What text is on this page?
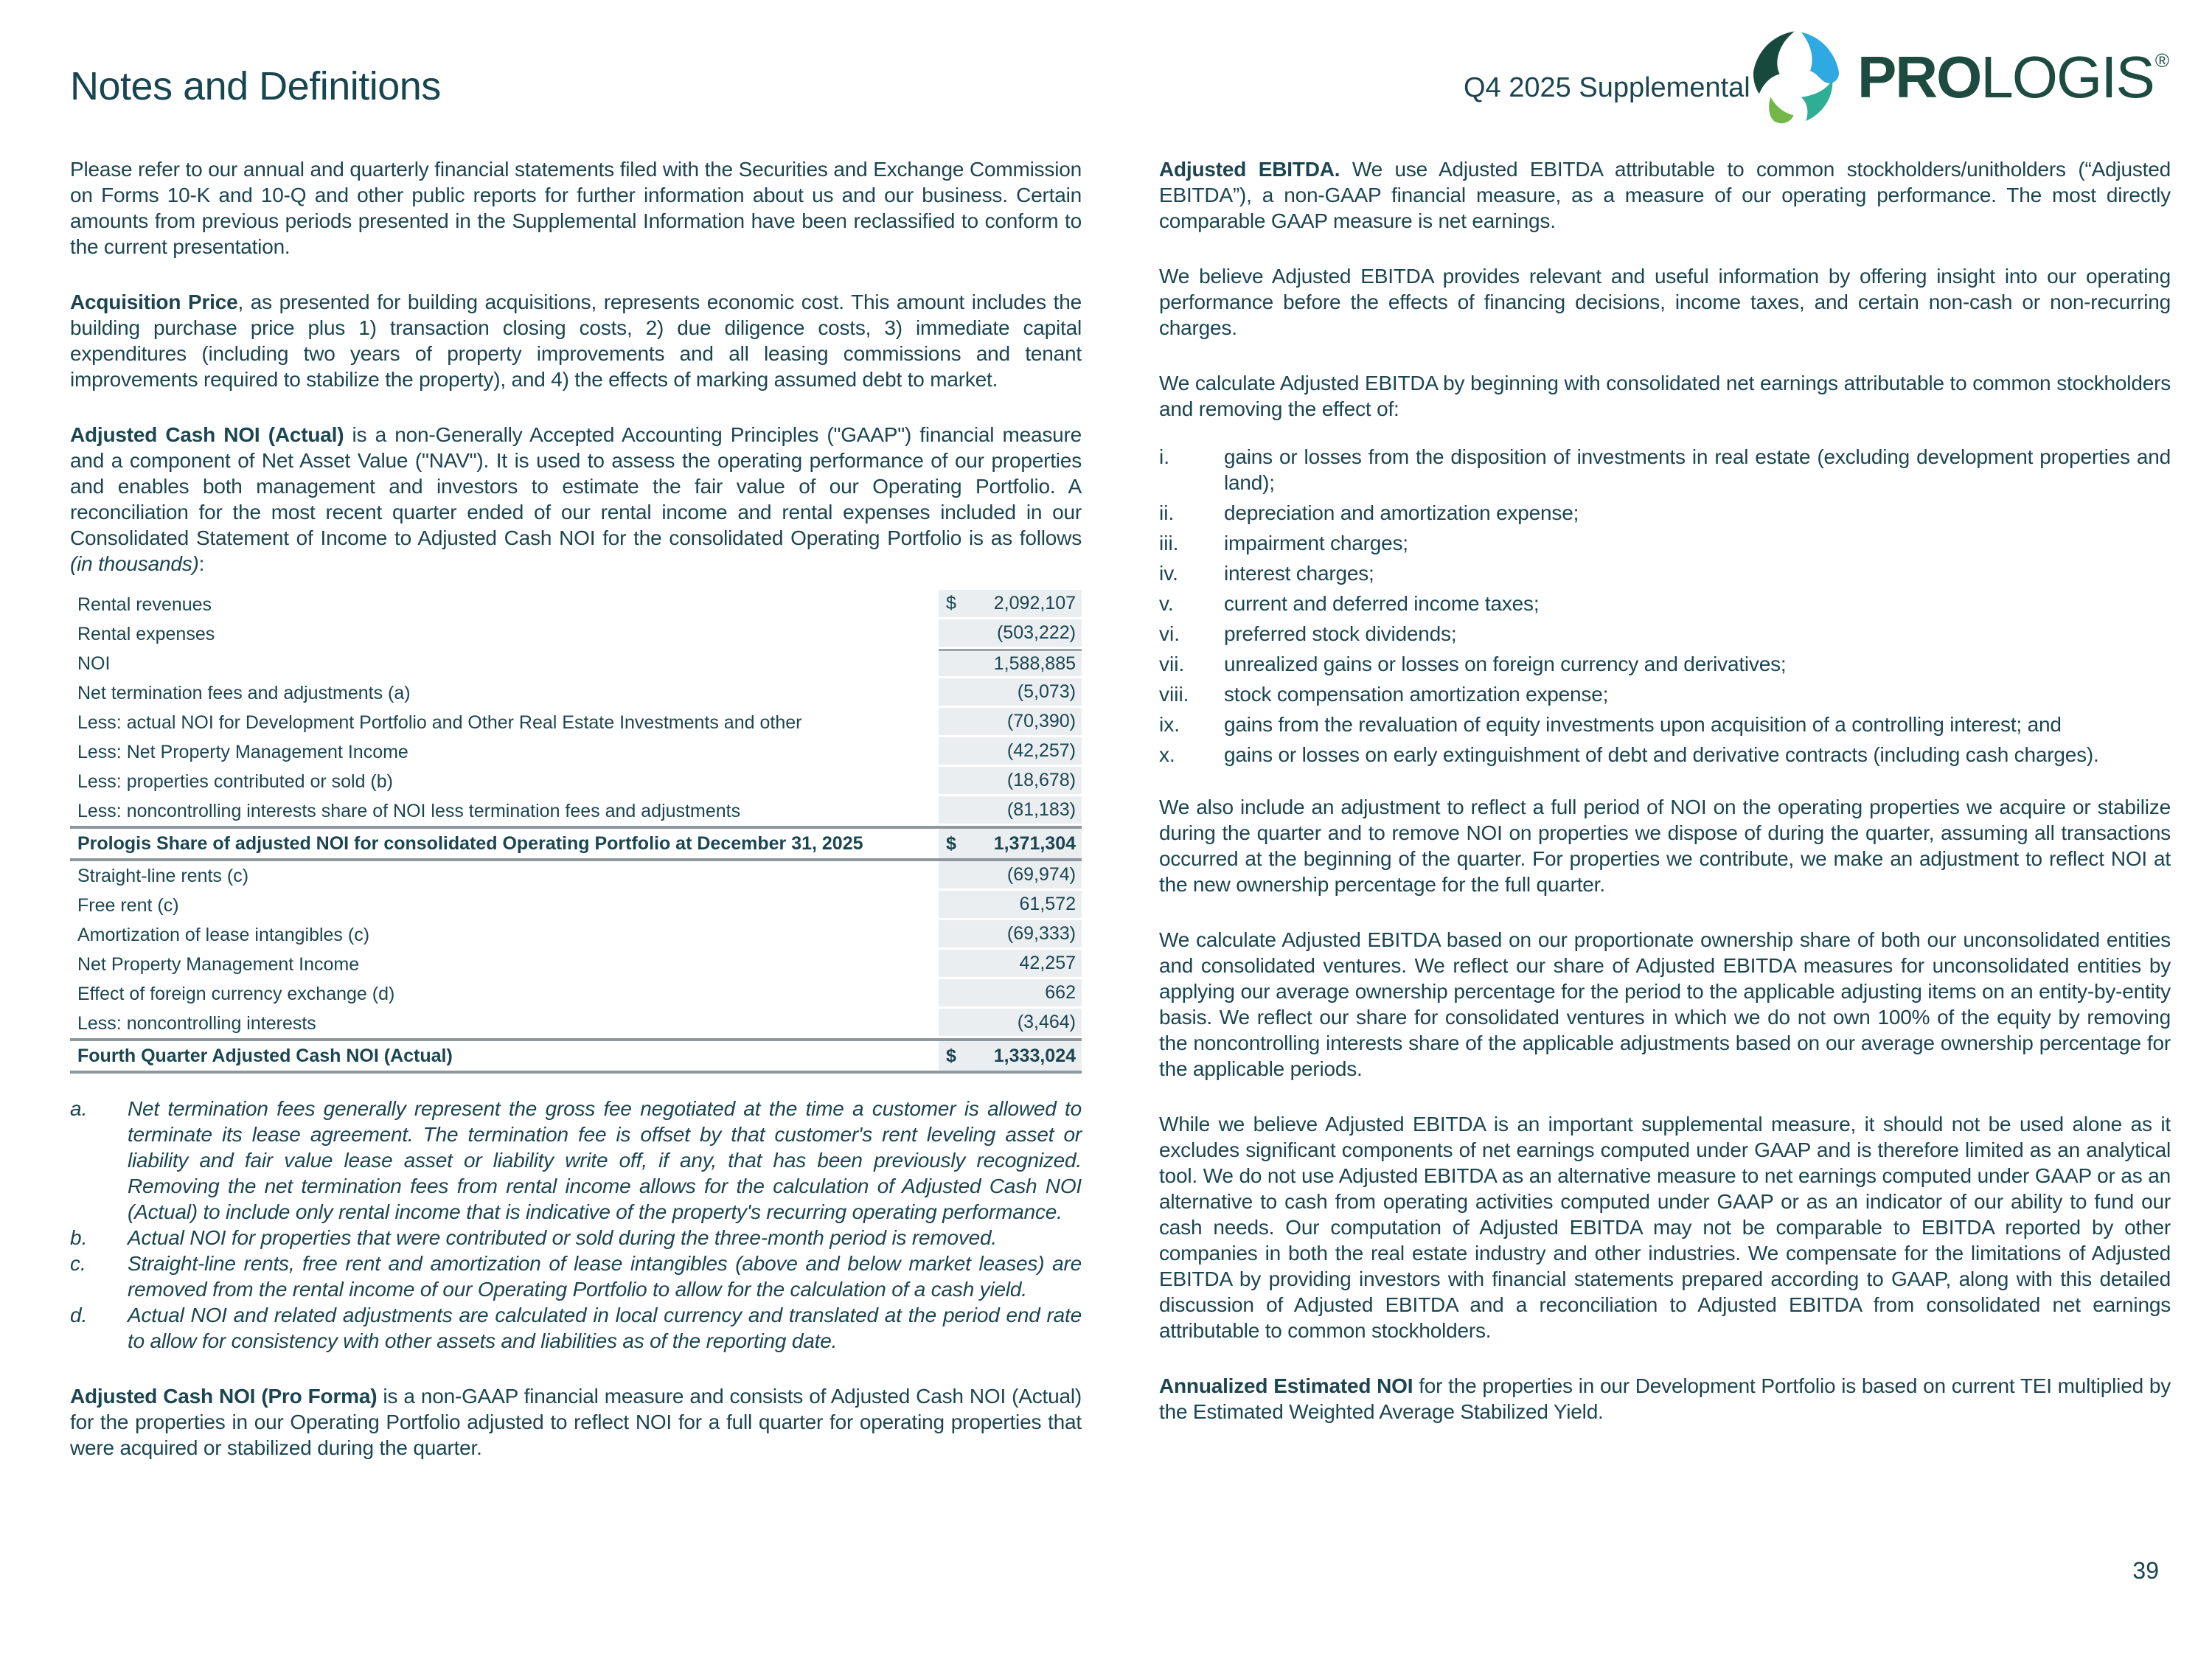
Notes and Definitions	Q4 2025 Supplemental PRO LOGIS ®

Please refer to our annual and quarterly financial statements filed with the Securities and Exchange Commission on Forms 10-K and 10-Q and other public reports for further information about us and our business. Certain amounts from previous periods presented in the Supplemental Information have been reclassified to conform to the current presentation.

Acquisition Price, as presented for building acquisitions, represents economic cost. This amount includes the building purchase price plus 1) transaction closing costs, 2) due diligence costs, 3) immediate capital expenditures (including two years of property improvements and all leasing commissions and tenant improvements required to stabilize the property), and 4) the effects of marking assumed debt to market.

Adjusted Cash NOI (Actual) is a non-Generally Accepted Accounting Principles ("GAAP") financial measure and a component of Net Asset Value ("NAV"). It is used to assess the operating performance of our properties and enables both management and investors to estimate the fair value of our Operating Portfolio. A reconciliation for the most recent quarter ended of our rental income and rental expenses included in our Consolidated Statement of Income to Adjusted Cash NOI for the consolidated Operating Portfolio is as follows (in thousands):

Rental revenues	$ 2,092,107
Rental expenses	(503,222)
NOI	1,588,885
Net termination fees and adjustments (a)	(5,073)
Less: actual NOI for Development Portfolio and Other Real Estate Investments and other	(70,390)
Less: Net Property Management Income	(42,257)
Less: properties contributed or sold (b)	(18,678)
Less: noncontrolling interests share of NOI less termination fees and adjustments	(81,183)
Prologis Share of adjusted NOI for consolidated Operating Portfolio at December 31, 2025	$ 1,371,304
Straight-line rents (c)	(69,974)
Free rent (c)	61,572
Amortization of lease intangibles (c)	(69,333)
Net Property Management Income	42,257
Effect of foreign currency exchange (d)	662
Less: noncontrolling interests	(3,464)
Fourth Quarter Adjusted Cash NOI (Actual)	$ 1,333,024
a.	Net termination fees generally represent the gross fee negotiated at the time a customer is allowed to terminate its lease agreement. The termination fee is offset by that customer's rent leveling asset or liability and fair value lease asset or liability write off, if any, that has been previously recognized. Removing the net termination fees from rental income allows for the calculation of Adjusted Cash NOI (Actual) to include only rental income that is indicative of the property's recurring operating performance.
b.	Actual NOI for properties that were contributed or sold during the three-month period is removed.
c.	Straight-line rents, free rent and amortization of lease intangibles (above and below market leases) are removed from the rental income of our Operating Portfolio to allow for the calculation of a cash yield.
d.	Actual NOI and related adjustments are calculated in local currency and translated at the period end rate to allow for consistency with other assets and liabilities as of the reporting date.

Adjusted Cash NOI (Pro Forma) is a non-GAAP financial measure and consists of Adjusted Cash NOI (Actual) for the properties in our Operating Portfolio adjusted to reflect NOI for a full quarter for operating properties that were acquired or stabilized during the quarter.

Adjusted EBITDA. We use Adjusted EBITDA attributable to common stockholders/unitholders (“Adjusted EBITDA”), a non-GAAP financial measure, as a measure of our operating performance. The most directly comparable GAAP measure is net earnings.

We believe Adjusted EBITDA provides relevant and useful information by offering insight into our operating performance before the effects of financing decisions, income taxes, and certain non-cash or non-recurring charges.

We calculate Adjusted EBITDA by beginning with consolidated net earnings attributable to common stockholders and removing the effect of:

i.	gains or losses from the disposition of investments in real estate (excluding development properties and land);
ii.	depreciation and amortization expense;
iii.	impairment charges;
iv.	interest charges;
v.	current and deferred income taxes;
vi.	preferred stock dividends;
vii.	unrealized gains or losses on foreign currency and derivatives;
viii.	stock compensation amortization expense;
ix.	gains from the revaluation of equity investments upon acquisition of a controlling interest; and
x.	gains or losses on early extinguishment of debt and derivative contracts (including cash charges).

We also include an adjustment to reflect a full period of NOI on the operating properties we acquire or stabilize during the quarter and to remove NOI on properties we dispose of during the quarter, assuming all transactions occurred at the beginning of the quarter. For properties we contribute, we make an adjustment to reflect NOI at the new ownership percentage for the full quarter.

We calculate Adjusted EBITDA based on our proportionate ownership share of both our unconsolidated entities and consolidated ventures. We reflect our share of Adjusted EBITDA measures for unconsolidated entities by applying our average ownership percentage for the period to the applicable adjusting items on an entity-by-entity basis. We reflect our share for consolidated ventures in which we do not own 100% of the equity by removing the noncontrolling interests share of the applicable adjustments based on our average ownership percentage for the applicable periods.

While we believe Adjusted EBITDA is an important supplemental measure, it should not be used alone as it excludes significant components of net earnings computed under GAAP and is therefore limited as an analytical tool. We do not use Adjusted EBITDA as an alternative measure to net earnings computed under GAAP or as an alternative to cash from operating activities computed under GAAP or as an indicator of our ability to fund our cash needs. Our computation of Adjusted EBITDA may not be comparable to EBITDA reported by other companies in both the real estate industry and other industries. We compensate for the limitations of Adjusted EBITDA by providing investors with financial statements prepared according to GAAP, along with this detailed discussion of Adjusted EBITDA and a reconciliation to Adjusted EBITDA from consolidated net earnings attributable to common stockholders.

Annualized Estimated NOI for the properties in our Development Portfolio is based on current TEI multiplied by the Estimated Weighted Average Stabilized Yield.

39
